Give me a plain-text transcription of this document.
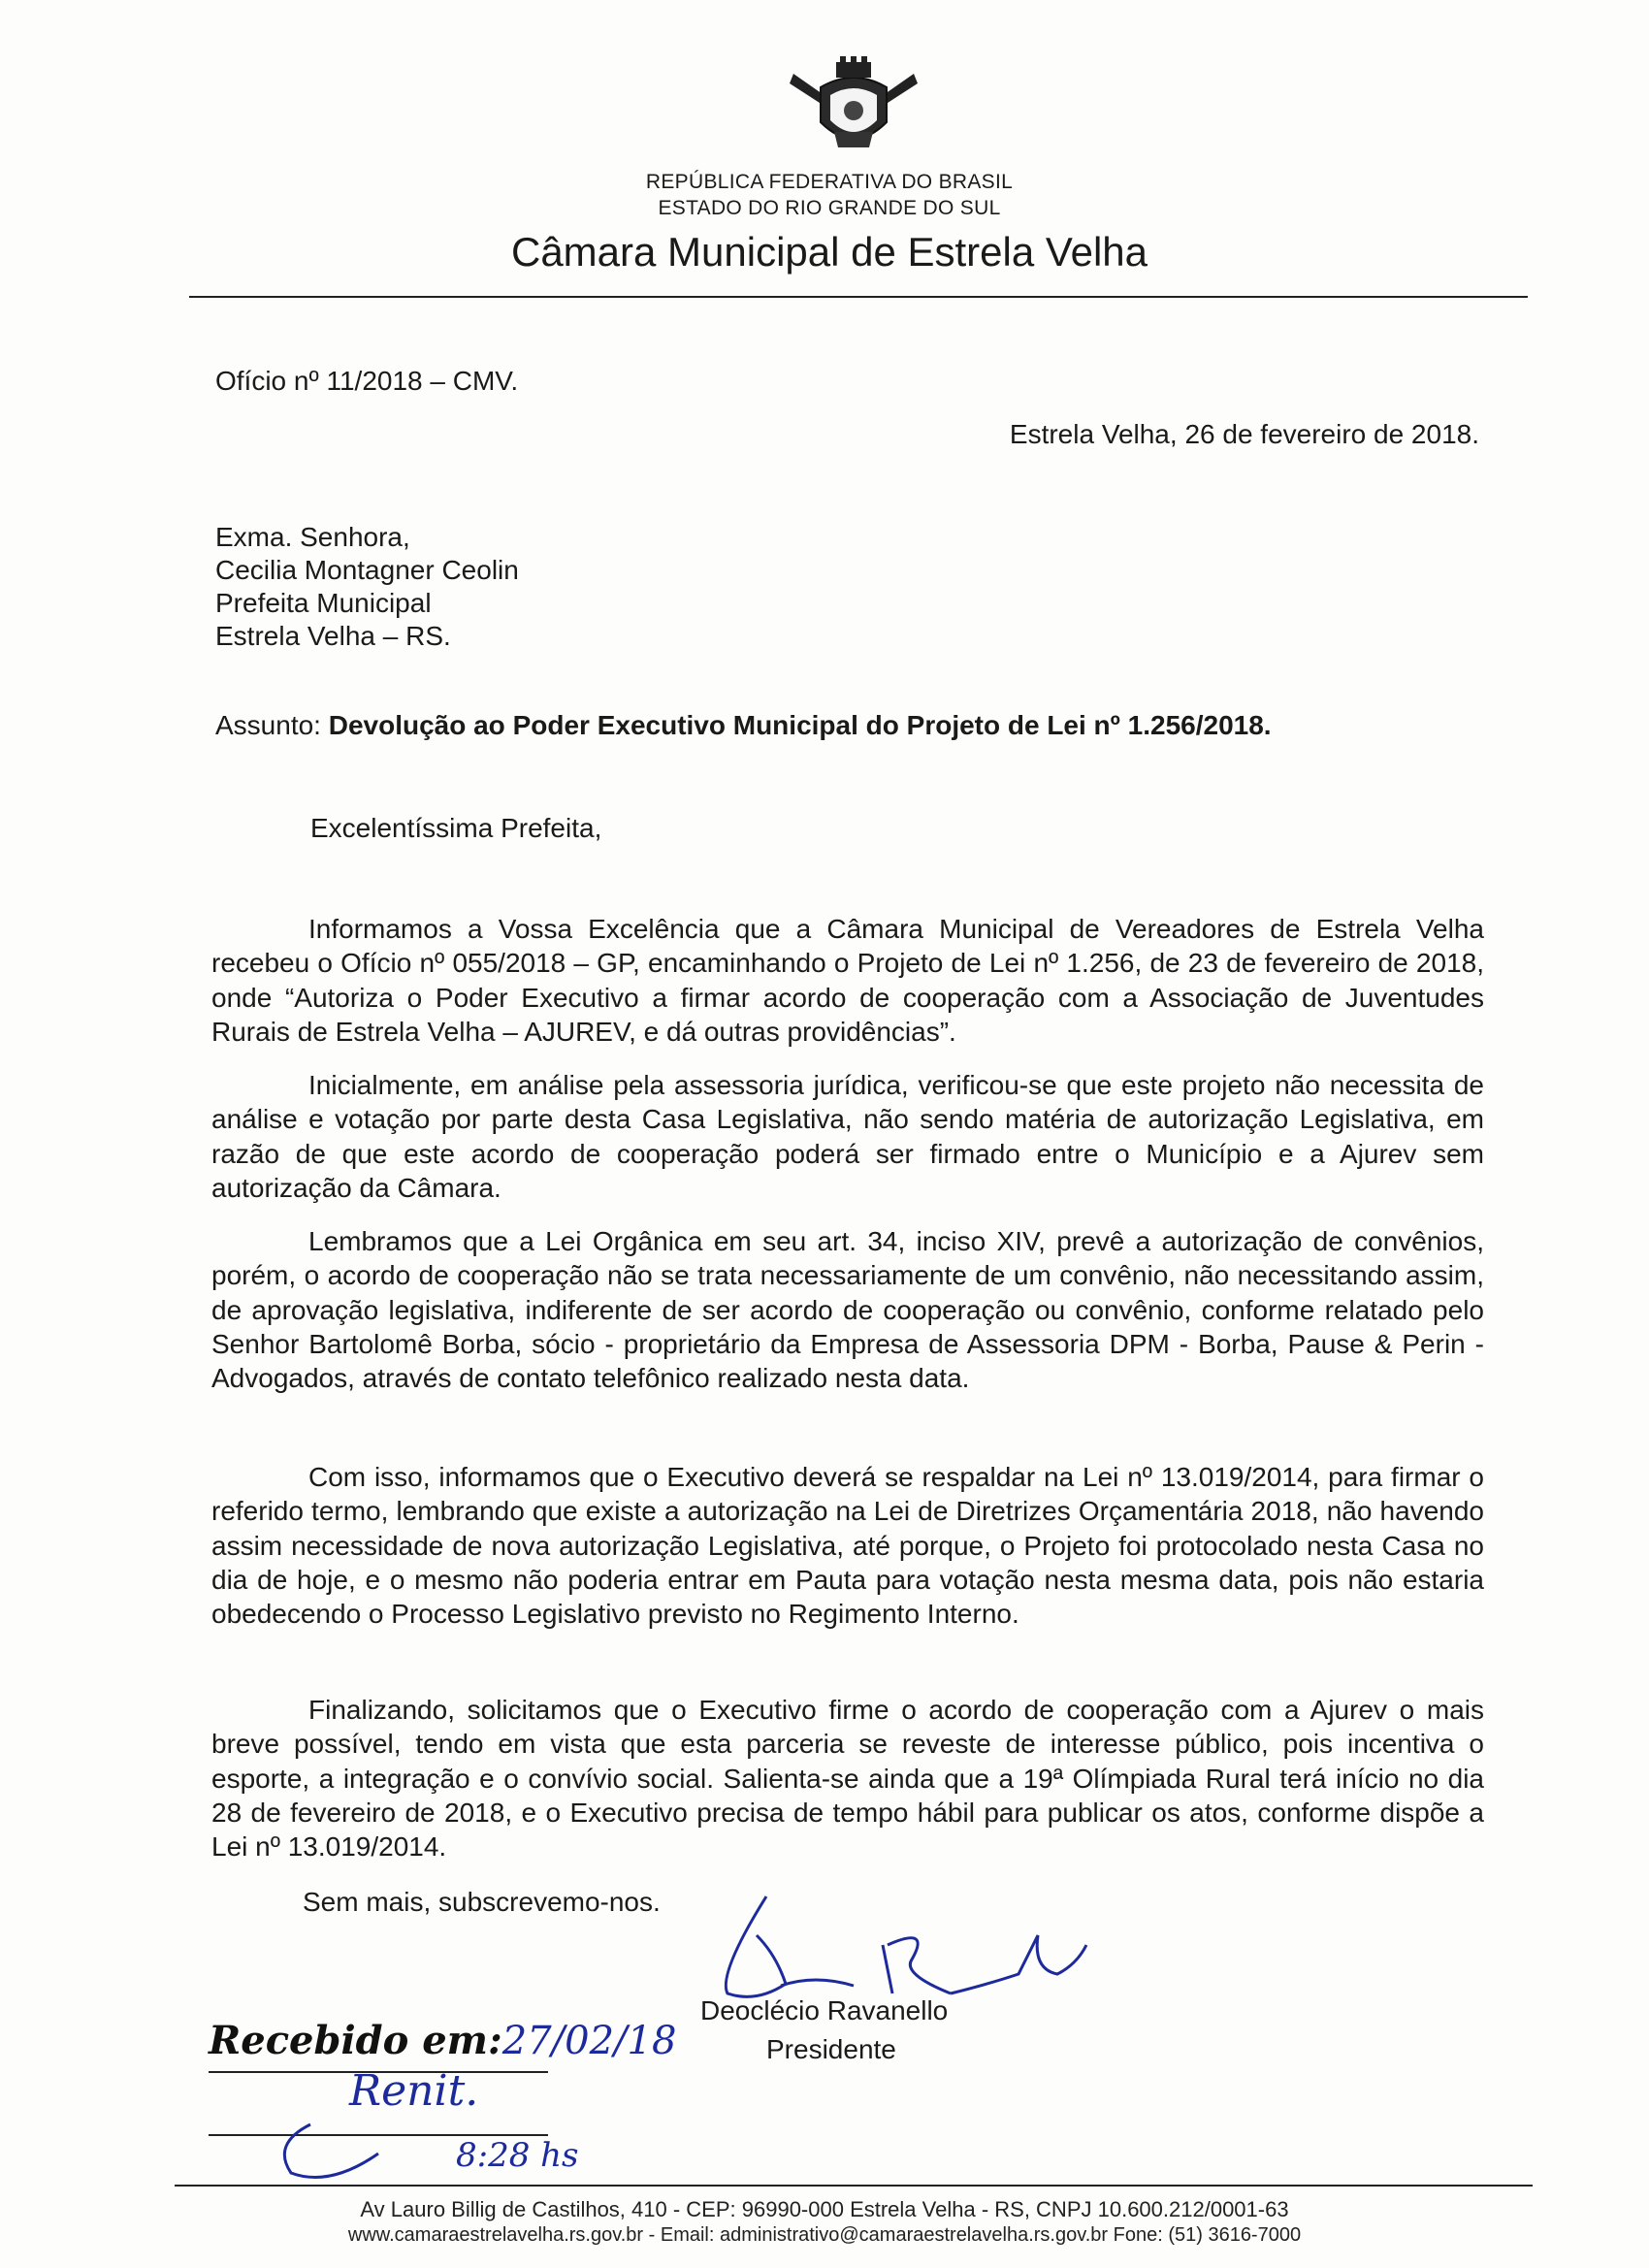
REPÚBLICA FEDERATIVA DO BRASIL
ESTADO DO RIO GRANDE DO SUL
Câmara Municipal de Estrela Velha
Ofício nº 11/2018 – CMV.
Estrela Velha, 26 de fevereiro de 2018.
Exma. Senhora,
Cecilia Montagner Ceolin
Prefeita Municipal
Estrela Velha – RS.
Assunto: Devolução ao Poder Executivo Municipal do Projeto de Lei nº 1.256/2018.
Excelentíssima Prefeita,
Informamos a Vossa Excelência que a Câmara Municipal de Vereadores de Estrela Velha recebeu o Ofício nº 055/2018 – GP, encaminhando o Projeto de Lei nº 1.256, de 23 de fevereiro de 2018, onde “Autoriza o Poder Executivo a firmar acordo de cooperação com a Associação de Juventudes Rurais de Estrela Velha – AJUREV, e dá outras providências”.
Inicialmente, em análise pela assessoria jurídica, verificou-se que este projeto não necessita de análise e votação por parte desta Casa Legislativa, não sendo matéria de autorização Legislativa, em razão de que este acordo de cooperação poderá ser firmado entre o Município e a Ajurev sem autorização da Câmara.
Lembramos que a Lei Orgânica em seu art. 34, inciso XIV, prevê a autorização de convênios, porém, o acordo de cooperação não se trata necessariamente de um convênio, não necessitando assim, de aprovação legislativa, indiferente de ser acordo de cooperação ou convênio, conforme relatado pelo Senhor Bartolomê Borba, sócio - proprietário da Empresa de Assessoria DPM - Borba, Pause & Perin - Advogados, através de contato telefônico realizado nesta data.
Com isso, informamos que o Executivo deverá se respaldar na Lei nº 13.019/2014, para firmar o referido termo, lembrando que existe a autorização na Lei de Diretrizes Orçamentária 2018, não havendo assim necessidade de nova autorização Legislativa, até porque, o Projeto foi protocolado nesta Casa no dia de hoje, e o mesmo não poderia entrar em Pauta para votação nesta mesma data, pois não estaria obedecendo o Processo Legislativo previsto no Regimento Interno.
Finalizando, solicitamos que o Executivo firme o acordo de cooperação com a Ajurev o mais breve possível, tendo em vista que esta parceria se reveste de interesse público, pois incentiva o esporte, a integração e o convívio social. Salienta-se ainda que a 19ª Olímpiada Rural terá início no dia 28 de fevereiro de 2018, e o Executivo precisa de tempo hábil para publicar os atos, conforme dispõe a Lei nº 13.019/2014.
Sem mais, subscrevemo-nos.
Deoclécio Ravanello
Presidente
Recebido em:27/02/18
Renit.
8:28 hs
Av Lauro Billig de Castilhos, 410 - CEP: 96990-000 Estrela Velha - RS, CNPJ 10.600.212/0001-63
www.camaraestrelavelha.rs.gov.br - Email: administrativo@camaraestrelavelha.rs.gov.br Fone: (51) 3616-7000
